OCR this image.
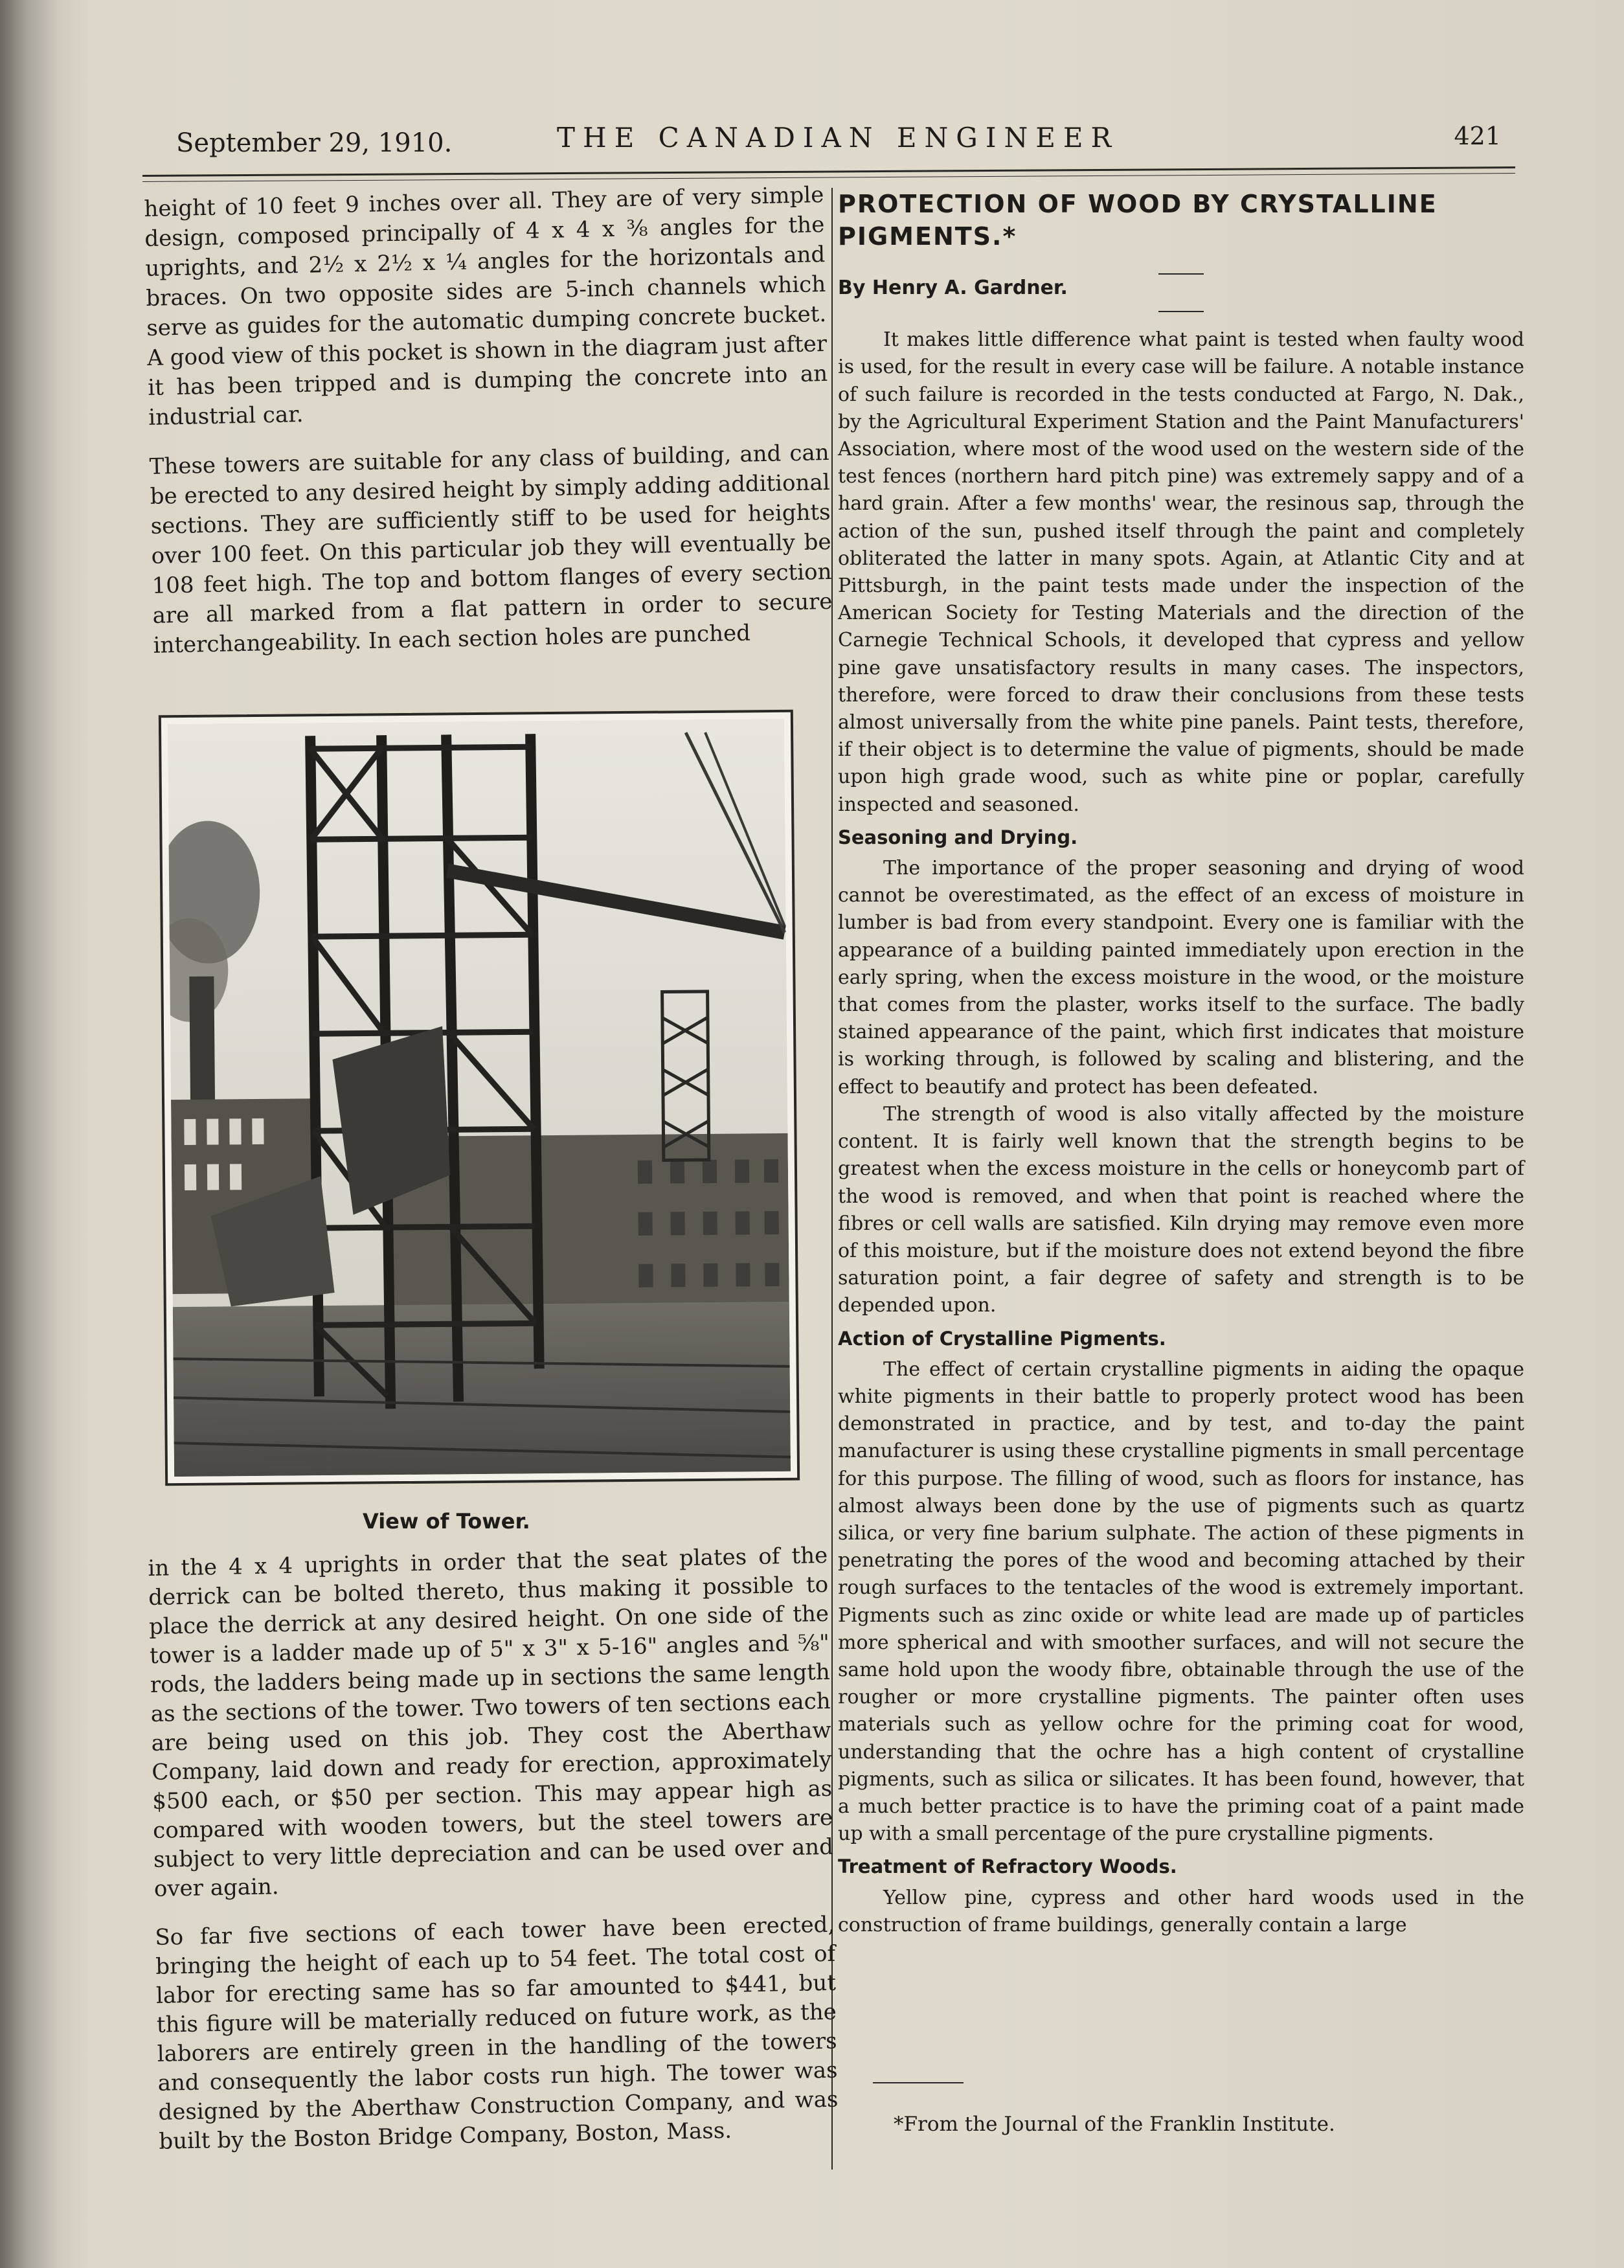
September 29, 1910.	THE CANADIAN ENGINEER	421

height of 10 feet 9 inches over all. They are of very simple design, composed principally of 4 x 4 x ⅜ angles for the uprights, and 2½ x 2½ x ¼ angles for the horizontals and braces. On two opposite sides are 5-inch channels which serve as guides for the automatic dumping concrete bucket. A good view of this pocket is shown in the diagram just after it has been tripped and is dumping the concrete into an industrial car.

These towers are suitable for any class of building, and can be erected to any desired height by simply adding additional sections. They are sufficiently stiff to be used for heights over 100 feet. On this particular job they will eventually be 108 feet high. The top and bottom flanges of every section are all marked from a flat pattern in order to secure interchangeability. In each section holes are punched

View of Tower.

in the 4 x 4 uprights in order that the seat plates of the derrick can be bolted thereto, thus making it possible to place the derrick at any desired height. On one side of the tower is a ladder made up of 5" x 3" x 5-16" angles and ⅝" rods, the ladders being made up in sections the same length as the sections of the tower. Two towers of ten sections each are being used on this job. They cost the Aberthaw Company, laid down and ready for erection, approximately $500 each, or $50 per section. This may appear high as compared with wooden towers, but the steel towers are subject to very little depreciation and can be used over and over again.

So far five sections of each tower have been erected, bringing the height of each up to 54 feet. The total cost of labor for erecting same has so far amounted to $441, but this figure will be materially reduced on future work, as the laborers are entirely green in the handling of the towers and consequently the labor costs run high. The tower was designed by the Aberthaw Construction Company, and was built by the Boston Bridge Company, Boston, Mass.

PROTECTION OF WOOD BY CRYSTALLINE

PIGMENTS.*

By Henry A. Gardner.

It makes little difference what paint is tested when faulty wood is used, for the result in every case will be failure. A notable instance of such failure is recorded in the tests conducted at Fargo, N. Dak., by the Agricultural Experiment Station and the Paint Manufacturers' Association, where most of the wood used on the western side of the test fences (northern hard pitch pine) was extremely sappy and of a hard grain. After a few months' wear, the resinous sap, through the action of the sun, pushed itself through the paint and completely obliterated the latter in many spots. Again, at Atlantic City and at Pittsburgh, in the paint tests made under the inspection of the American Society for Testing Materials and the direction of the Carnegie Technical Schools, it developed that cypress and yellow pine gave unsatisfactory results in many cases. The inspectors, therefore, were forced to draw their conclusions from these tests almost universally from the white pine panels. Paint tests, therefore, if their object is to determine the value of pigments, should be made upon high grade wood, such as white pine or poplar, carefully inspected and seasoned.

Seasoning and Drying.

The importance of the proper seasoning and drying of wood cannot be overestimated, as the effect of an excess of moisture in lumber is bad from every standpoint. Every one is familiar with the appearance of a building painted immediately upon erection in the early spring, when the excess moisture in the wood, or the moisture that comes from the plaster, works itself to the surface. The badly stained appearance of the paint, which first indicates that moisture is working through, is followed by scaling and blistering, and the effect to beautify and protect has been defeated.

The strength of wood is also vitally affected by the moisture content. It is fairly well known that the strength begins to be greatest when the excess moisture in the cells or honeycomb part of the wood is removed, and when that point is reached where the fibres or cell walls are satisfied. Kiln drying may remove even more of this moisture, but if the moisture does not extend beyond the fibre saturation point, a fair degree of safety and strength is to be depended upon.

Action of Crystalline Pigments.

The effect of certain crystalline pigments in aiding the opaque white pigments in their battle to properly protect wood has been demonstrated in practice, and by test, and to-day the paint manufacturer is using these crystalline pigments in small percentage for this purpose. The filling of wood, such as floors for instance, has almost always been done by the use of pigments such as quartz silica, or very fine barium sulphate. The action of these pigments in penetrating the pores of the wood and becoming attached by their rough surfaces to the tentacles of the wood is extremely important. Pigments such as zinc oxide or white lead are made up of particles more spherical and with smoother surfaces, and will not secure the same hold upon the woody fibre, obtainable through the use of the rougher or more crystalline pigments. The painter often uses materials such as yellow ochre for the priming coat for wood, understanding that the ochre has a high content of crystalline pigments, such as silica or silicates. It has been found, however, that a much better practice is to have the priming coat of a paint made up with a small percentage of the pure crystalline pigments.

Treatment of Refractory Woods.

Yellow pine, cypress and other hard woods used in the construction of frame buildings, generally contain a large

*From the Journal of the Franklin Institute.
